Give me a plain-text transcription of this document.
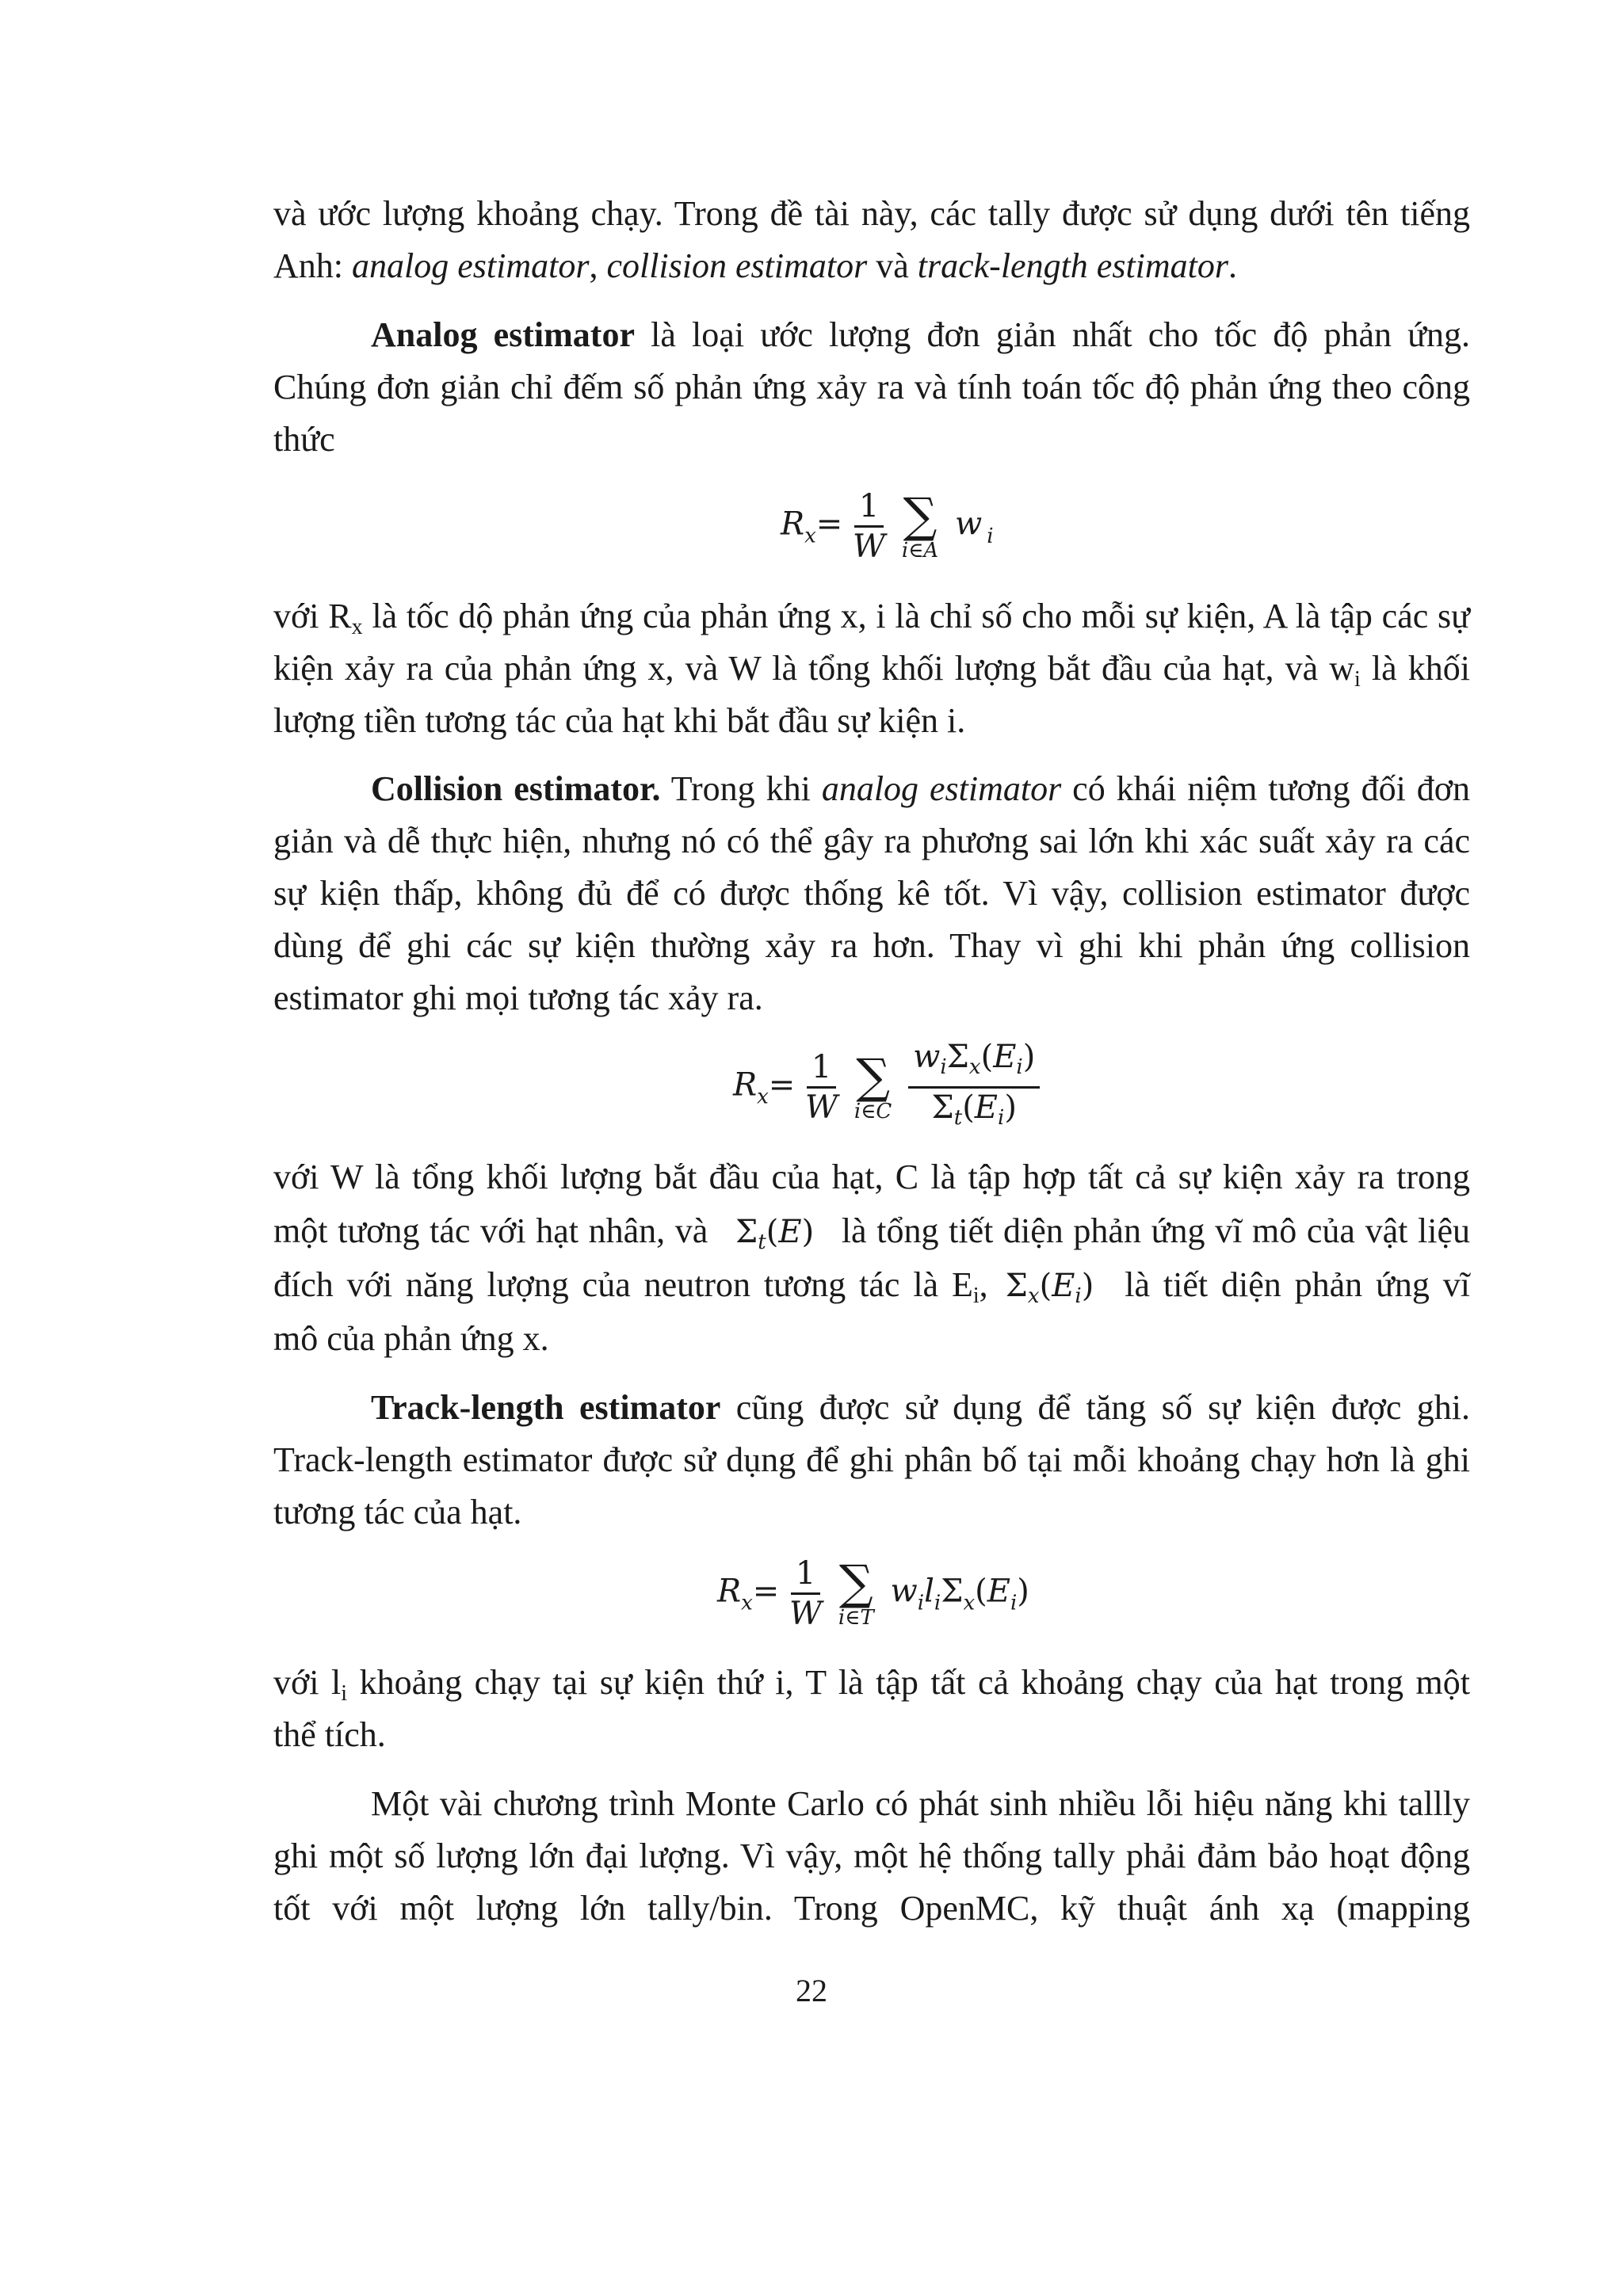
và ước lượng khoảng chạy. Trong đề tài này, các tally được sử dụng dưới tên tiếng
Anh: analog estimator, collision estimator và track-length estimator.
Analog estimator là loại ước lượng đơn giản nhất cho tốc độ phản ứng.
Chúng đơn giản chỉ đếm số phản ứng xảy ra và tính toán tốc độ phản ứng theo công
thức
$R_x= \frac{1}{W}$
∑
i∈A
w $_i$
với $R_x$ là tốc dộ phản ứng của phản ứng x, i là chỉ số cho mỗi sự kiện, A là tập các sự
kiện xảy ra của phản ứng x, và W là tổng khối lượng bắt đầu của hạt, và $w_i$ là khối
lượng tiền tương tác của hạt khi bắt đầu sự kiện i.
Collision estimator. Trong khi analog estimator có khái niệm tương đối đơn
giản và dễ thực hiện, nhưng nó có thể gây ra phương sai lớn khi xác suất xảy ra các
sự kiện thấp, không đủ để có được thống kê tốt. Vì vậy, collision estimator được
dùng để ghi các sự kiện thường xảy ra hơn. Thay vì ghi khi phản ứng collision
estimator ghi mọi tương tác xảy ra.
$R_x= \frac{1}{W}$
∑
i∈C
$\frac{w_i\Sigma_x(E_i)}{\Sigma_t(E_i)}$
với W là tổng khối lượng bắt đầu của hạt, C là tập hợp tất cả sự kiện xảy ra trong
một tương tác với hạt nhân, và $\Sigma_t(E)$ là tổng tiết diện phản ứng vĩ mô của vật liệu
đích với năng lượng của neutron tương tác là $E_i$, $\Sigma_x(E_i)$ là tiết diện phản ứng vĩ
mô của phản ứng x.
Track-length estimator cũng được sử dụng để tăng số sự kiện được ghi.
Track-length estimator được sử dụng để ghi phân bố tại mỗi khoảng chạy hơn là ghi
tương tác của hạt.
$R_x= \frac{1}{W}$
∑
i∈T
$w_il_i\Sigma_x(E_i)$
với $l_i$ khoảng chạy tại sự kiện thứ i, T là tập tất cả khoảng chạy của hạt trong một
thể tích.
Một vài chương trình Monte Carlo có phát sinh nhiều lỗi hiệu năng khi tallly
ghi một số lượng lớn đại lượng. Vì vậy, một hệ thống tally phải đảm bảo hoạt động
tốt với một lượng lớn tally/bin. Trong OpenMC, kỹ thuật ánh xạ (mapping
22
